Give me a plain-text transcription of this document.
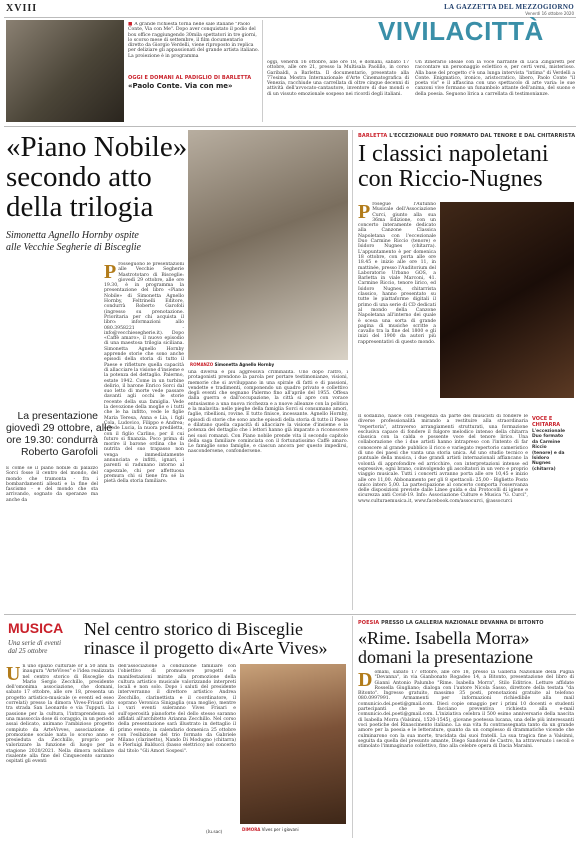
XVIII	LA GAZZETTA DEL MEZZOGIORNO
Venerdì 16 ottobre 2020
VIVILACITTÀ
■ A grande richiesta torna nelle sale italiane "Paolo Conte, Via con Me". Dopo aver conquistato il podio del box office raggiungendo 30mila spettatori in tre giorni, lo scorso mese di settembre, il film documentario diretto da Giorgio Verdelli, viene riproposto in replica per deliziare gli appassionati del grande artista italiano. La proiezione è in programma
OGGI E DOMANI AL PADIGLIO DI BARLETTA
«Paolo Conte. Via con me»
oggi, venerdì 16 ottobre, alle ore 18, e domani, sabato 17 ottobre, alle ore 21, presso la Multisala Paolillo, in corso Garibaldi, a Barletta. Il documentario, presentato alla 77esima Mostra Internazionale d'Arte Cinematografica di Venezia, racchiude una carrellata di oltre cinque decenni di attività dell'avvocato-cantautore, inventore di due mondi e di un vissuto emozionale sospeso nei ricordi degli italiani.
Un itinerario ideale con la voce narrante di Luca Zingaretti per raccontare un personaggio eclettico e, per certi versi, misterioso. Alla base del progetto c'è una lunga intervista "intima" di Verdelli a Conte. Enigmatico, ironico, aristocratico, libero, Paolo Conte "il poeta vis" e il affascina con uno spettacolo di arte varia: le sue canzoni vive formano un funambolo attante dell'anima, del suono e della poesia. Seguono lirica a carrellata di testimonianze.
«Piano Nobile»
secondo atto
della trilogia
Simonetta Agnello Hornby ospite
alle Vecchie Segherie di Bisceglie
ROMANZO Simonetta Agnello Hornby
Prosseguono le presentazioni alle Vecchie Segherie Mastrototaro di Bisceglie: giovedì 29 ottobre, alle ore 19.30, è in programma la presentazione del libro «Piano Nobile» di Simonetta Agnello Hornby, Feltrinelli Editore, condurrà Roberto Garofoli (ingresso su prenotazione. Prioritaria per chi acquista il libro: informazioni allo 080.3958221 - info@vecchiesegherie.it). Dopo «Caffè amaro», il nuovo episodio di una maestosa trilogia siciliana. Simonetta Agnello Hornby apprende storie che sono anche episodi della storia di tutto il Paese e rifletture quella capacità di allacciare la visione d'insieme e la potenza del dettaglio. Palermo, estate 1942. Come in un turbine delirio, il barone Enrico Sorci dal suo letto di morte vede passare davanti agli occhi le storie recente della sua famiglia. Vede la devozione della moglie e i tutti che le ha infitto, vede le figlie Maria Teresa, Anna e Lia, i figli Cola, Ludovico, Filippo e Andrea; e vede Lucia, la nuora prediletta, con il figlio Carlino, per il cui futuro si finanzia. Poco prima di morire il barone ordina che la nutrita del suo trapasso non venga immediatamente annunciata e infitti, ignari, i parenti si radunano intorno al capezzale, chi per affettuosa premura chi si tiene fra sé la pietà della storia familiare.
La presentazione
giovedì 29 ottobre, alle
ore 19.30: condurrà
Roberto Garofoli
E come se il piano nobile di palazzo Sorci fosse il centro del mondo, del mondo che tramonta - fra i bombardamenti alleati e la fine del fascismo - e del mondo che sta arrivando, sognato da speranze ma anche da
una diversa e più aggressiva criminalità. Uno dopo l'altro, i protagonisti prendono la parola per portare testimonianze, visioni, memorie che si avviluppano in una spirale di fatti e di passioni, vendette e tradimenti, componendo un quadro privato e collettivo degli eventi che segnano Palermo fino all'aprile del 1955. Offesa dalla guerra e dall'occupazione, la città si apre con vorace entusiasmo a una nuova ricchezza e a nuove alleanze con la politica e la malavita: nelle pieghe della famiglia Sorci si consumano amori, faglie, ribellioni, rovine. E tutto finisce, incessante. Agnello Hornby, episodi di storie che sono anche episodi della storia di tutto il Paese e dilatano quella capacità di allacciare la visione d'insieme e la potenza del dettaglio che i lettori hanno già imparato a riconoscere nei suoi romanzi. Con Piano nobile prende vita il secondo capitolo della saga familiare cominciata con il fortunatissimo Caffè amaro. Le famiglie sono famiglie, e ciascun ancora per questo impedirsi, nascondersene, confondersene.
BARLETTA L'ECCEZIONALE DUO FORMATO DAL TENORE E DAL CHITARRISTA
I classici napoletani
con Riccio-Nugnes
Prosegue l'Autunno Musicale dell'Associazione Curci, giunto alla sua 36ma Edizione, con un concerto interamente dedicato alla Canzone Classica Napoletana con l'eccezionale Duo Carmine Riccio (tenore) e Isidoro Nugnes (chitarra). L'appuntamento è per domenica 18 ottobre, con porta alle ore 18.45 e inizio alle ore 11, in mattinée, presso l'Auditorium del Laboratorio Urbano GOS, a Barletta in viale Marconi, 41. Carmine Riccio, tenore lirico, ed Isidoro Nugnes, chitarrista classico, hanno presentato su tutte le piattaforme digitali il primo di una serie di CD dedicati al mondo della Canzone Napoletana all'interno dei quale è scesa una sorta di grande pagina di musiche scritte a cavallo tra la fine del 1800 e gli inizi del 1900 da autori più rappresentativi di questo mondo.
Il sodalizio, nasce con l'esigenza da parte dei musicisti di fondere le diverse professionalità mirando a restituire alla straordinaria "repertoria", attraverso arrangiamenti strutturati, una formazione esclusiva capace di fondere il fulgore melodico intenso della chitarra classica con la calda e possente voce del tenore lirico. Una collaborazione che i due artisti hanno intrapreso con l'intento di far conoscere al grande pubblico il ricco e variegato repertorio cameristico di uno dei paesi che vanta una storia unica. Ad uno studio tecnico e puntuale della musica, i due grandi artisti internazionali affiancano la volontà di approfondire ed arricchire, con interpretazioni intense ed espressive, ogni brano, coinvolgendo gli ascoltatori in un vero e proprio viaggio musicale. Tutti i concerti avranno porta alle ore 10,45 e inizio alle ore 11,00. Abbonamento per gli 8 spettacoli: 25,00 - Biglietto Posto unico intero 5,00. La partecipazione al concerto comporta l'osservanza delle disposizioni previste dalle Linee guida e dai Protocolli di igiene e sicurezza anti Covid-19. Info: Associazione Culture e Musica "G. Curci", www.culturaemusica.it, www.facebook.com/assocurci, @assocurci
VOCE E
CHITARRA
L'eccezionale
Duo formato
da Carmine
Riccio
(tenore) e da
Isidoro
Nugnes
(chitarra)
MUSICA
Una serie di eventi
dal 25 ottobre
Nel centro storico di Bisceglie
rinasce il progetto di«Arte Vives»
Un uno spazio culturale or a 50 anni fa inaugura "ArteVives" e l'idea realizzata nel centro storico di Bisceglie da Mario Sergio Zecchillo, presidente dell'omonima associazione, che domani, sabato 17 ottobre, alle ore 18, presenta un progetto artistico-musicale (e eventi ed eseo correlati) presso la dimora Vives-Frisari sito tra strada San Leonardo e via Tupputi. La passione per la cultura, l'intraprendenza ed una massoccia dose di coraggio, in un periodo assai delicato, animano l'ambizioso progetto compiuto da ArteVivves, associazione di promozione sociale nata lo scorso anno e presieduta da Zecchillo, proprio per valorizzare la funzione di luogo per la stagione 2020/2021. Nella dimora nobiliare risalente alla fine del Cinquecento saranno ospitati gli eventi
dell'associazione a conduzione familiare con l'obiettivo di promuovere progetti e manifestazioni mirate alla promozione della cultura artistico musicale valorizzando interpreti locali e non solo. Dopo i saluti del presidente interverranno il direttore artistico Andrea Zecchillo, clarinettista e il coordinatore, il soprano Veronica Sinigaglia (sua moglie), mentre i vari eventi suleranno Vives Frisari e sull'operosità pianoforte del dello stesso saranno affidati all'architetto Arianna Zecchillo. Nel corso della presentazione sarà illustrato in dettaglio il primo evento, in calendario domenica 25 ottobre con l'esibizione del trio formato da Gabriele Milano (clarinetto), Nando Di Modugno (chitarra) e Pierluigi Balducci (basso elettrico) nel concerto dal titolo "Gli Amori Sospesi".
(lu.sac)
DIMORA Vives per i giovani
POESIA PRESSO LA GALLERIA NAZIONALE DEVANNA DI BITONTO
«Rime. Isabella Morra»
domani la presentazione
Domani, sabato 17 ottobre, alle ore 18, presso la Galleria Nazionale della Puglia "Devanna", in via Gianbonato Rogadeo 14, a Bitonto, presentazione del libro di Gianni Antonio Palumbo "Rime. Isabella Morra", Stilo Editrice. Letture affidate Rossella Giugliano; dialoga con l'autore Nicola Sasso, direttore della testata "da Bitonto". Ingresso gratuito, massimo 35 posti, prenotazioni gratuite al telefono 080.0997991. Armamenti per informazioni richiedibile alla mail comunicio.dei.poeti@gmail.com. Dieci copie omaggio per i primi 10 docenti e studenti partecipanti che ne facciano preventiva richiesta alla e-mail comunicio.dei.poeti@gmail.com. L'iniziativa celebra il 500 esimo anniversario della nascita di Isabella Morra (Valsinni, 1520-1545), giovane poetessa lucana, una delle più interessanti voci poetiche del Rinascimento italiano. La sua vita fu contrassegnata tanto da un grande amore per la poesia e le letterature, quanto da un complesso di drammatiche vicende che culminarono con la sua morte, trucidata dai suoi fratelli. La sua tragica fine a Valsinni, seguita da quella del presunto amante, Diego Sandoval de Castro, ha attraversato i secoli e stimolato l'immaginario collettivo, fino alla celebre opera di Dacia Maraini.
